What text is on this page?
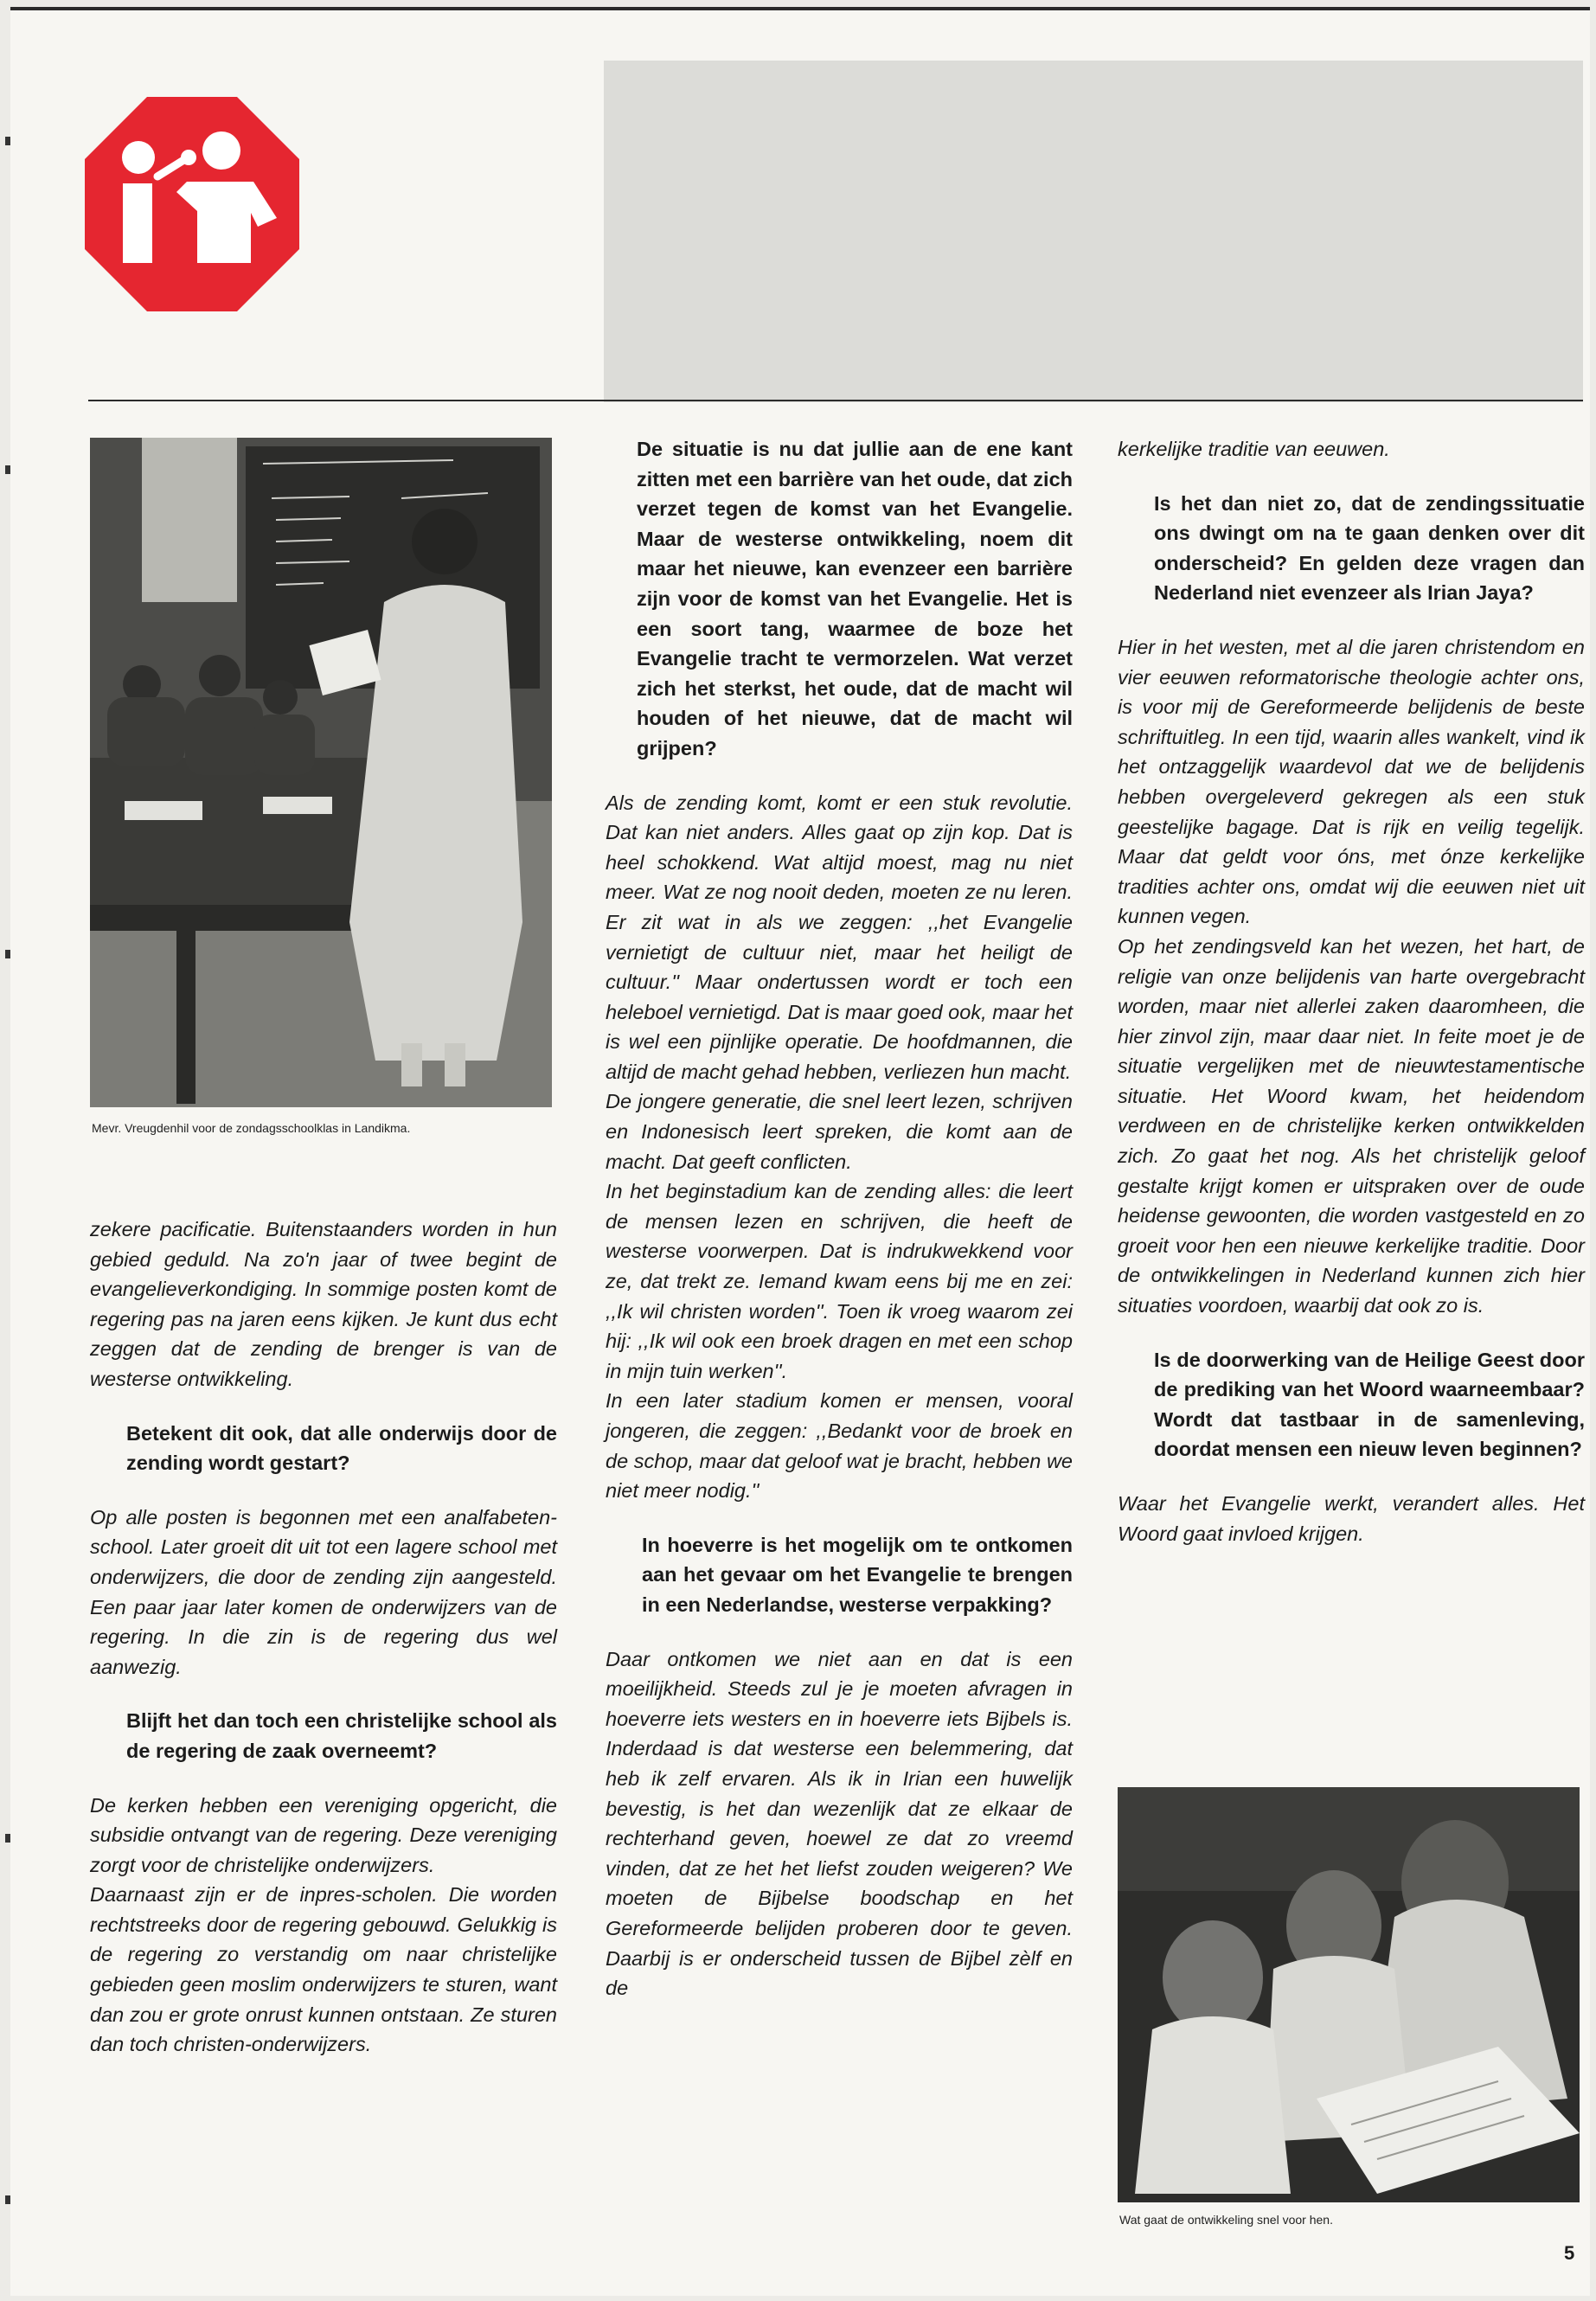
Mevr. Vreugdenhil voor de zondagsschoolklas in Landikma.

zekere pacificatie. Buitenstaanders worden in hun gebied geduld. Na zo'n jaar of twee begint de evangelieverkondiging. In sommige posten komt de regering pas na jaren eens kijken. Je kunt dus echt zeggen dat de zending de brenger is van de westerse ontwikkeling.

Betekent dit ook, dat alle onderwijs door de zending wordt gestart?

Op alle posten is begonnen met een analfabeten-school. Later groeit dit uit tot een lagere school met onderwijzers, die door de zending zijn aangesteld. Een paar jaar later komen de onderwijzers van de regering. In die zin is de regering dus wel aanwezig.

Blijft het dan toch een christelijke school als de regering de zaak overneemt?

De kerken hebben een vereniging opgericht, die subsidie ontvangt van de regering. Deze vereniging zorgt voor de christelijke onderwijzers.

Daarnaast zijn er de inpres-scholen. Die worden rechtstreeks door de regering gebouwd. Gelukkig is de regering zo verstandig om naar christelijke gebieden geen moslim onderwijzers te sturen, want dan zou er grote onrust kunnen ontstaan. Ze sturen dan toch christen-onderwijzers.

De situatie is nu dat jullie aan de ene kant zitten met een barrière van het oude, dat zich verzet tegen de komst van het Evangelie. Maar de westerse ontwikkeling, noem dit maar het nieuwe, kan evenzeer een barrière zijn voor de komst van het Evangelie. Het is een soort tang, waarmee de boze het Evangelie tracht te vermorzelen. Wat verzet zich het sterkst, het oude, dat de macht wil houden of het nieuwe, dat de macht wil grijpen?

Als de zending komt, komt er een stuk revolutie. Dat kan niet anders. Alles gaat op zijn kop. Dat is heel schokkend. Wat altijd moest, mag nu niet meer. Wat ze nog nooit deden, moeten ze nu leren. Er zit wat in als we zeggen: ,,het Evangelie vernietigt de cultuur niet, maar het heiligt de cultuur.'' Maar ondertussen wordt er toch een heleboel vernietigd. Dat is maar goed ook, maar het is wel een pijnlijke operatie. De hoofdmannen, die altijd de macht gehad hebben, verliezen hun macht.

De jongere generatie, die snel leert lezen, schrijven en Indonesisch leert spreken, die komt aan de macht. Dat geeft conflicten.

In het beginstadium kan de zending alles: die leert de mensen lezen en schrijven, die heeft de westerse voorwerpen. Dat is indrukwekkend voor ze, dat trekt ze. Iemand kwam eens bij me en zei: ,,Ik wil christen worden''. Toen ik vroeg waarom zei hij: ,,Ik wil ook een broek dragen en met een schop in mijn tuin werken''.

In een later stadium komen er mensen, vooral jongeren, die zeggen: ,,Bedankt voor de broek en de schop, maar dat geloof wat je bracht, hebben we niet meer nodig.''

In hoeverre is het mogelijk om te ontkomen aan het gevaar om het Evangelie te brengen in een Nederlandse, westerse verpakking?

Daar ontkomen we niet aan en dat is een moeilijkheid. Steeds zul je je moeten afvragen in hoeverre iets westers en in hoeverre iets Bijbels is. Inderdaad is dat westerse een belemmering, dat heb ik zelf ervaren. Als ik in Irian een huwelijk bevestig, is het dan wezenlijk dat ze elkaar de rechterhand geven, hoewel ze dat zo vreemd vinden, dat ze het het liefst zouden weigeren? We moeten de Bijbelse boodschap en het Gereformeerde belijden proberen door te geven. Daarbij is er onderscheid tussen de Bijbel zèlf en de

kerkelijke traditie van eeuwen.

Is het dan niet zo, dat de zendingssituatie ons dwingt om na te gaan denken over dit onderscheid? En gelden deze vragen dan Nederland niet evenzeer als Irian Jaya?

Hier in het westen, met al die jaren christendom en vier eeuwen reformatorische theologie achter ons, is voor mij de Gereformeerde belijdenis de beste schriftuitleg. In een tijd, waarin alles wankelt, vind ik het ontzaggelijk waardevol dat we de belijdenis hebben overgeleverd gekregen als een stuk geestelijke bagage. Dat is rijk en veilig tegelijk. Maar dat geldt voor óns, met ónze kerkelijke tradities achter ons, omdat wij die eeuwen niet uit kunnen vegen.

Op het zendingsveld kan het wezen, het hart, de religie van onze belijdenis van harte overgebracht worden, maar niet allerlei zaken daaromheen, die hier zinvol zijn, maar daar niet. In feite moet je de situatie vergelijken met de nieuwtestamentische situatie. Het Woord kwam, het heidendom verdween en de christelijke kerken ontwikkelden zich. Zo gaat het nog. Als het christelijk geloof gestalte krijgt komen er uitspraken over de oude heidense gewoonten, die worden vastgesteld en zo groeit voor hen een nieuwe kerkelijke traditie. Door de ontwikkelingen in Nederland kunnen zich hier situaties voordoen, waarbij dat ook zo is.

Is de doorwerking van de Heilige Geest door de prediking van het Woord waarneembaar? Wordt dat tastbaar in de samenleving, doordat mensen een nieuw leven beginnen?

Waar het Evangelie werkt, verandert alles. Het Woord gaat invloed krijgen.

Wat gaat de ontwikkeling snel voor hen.
5
